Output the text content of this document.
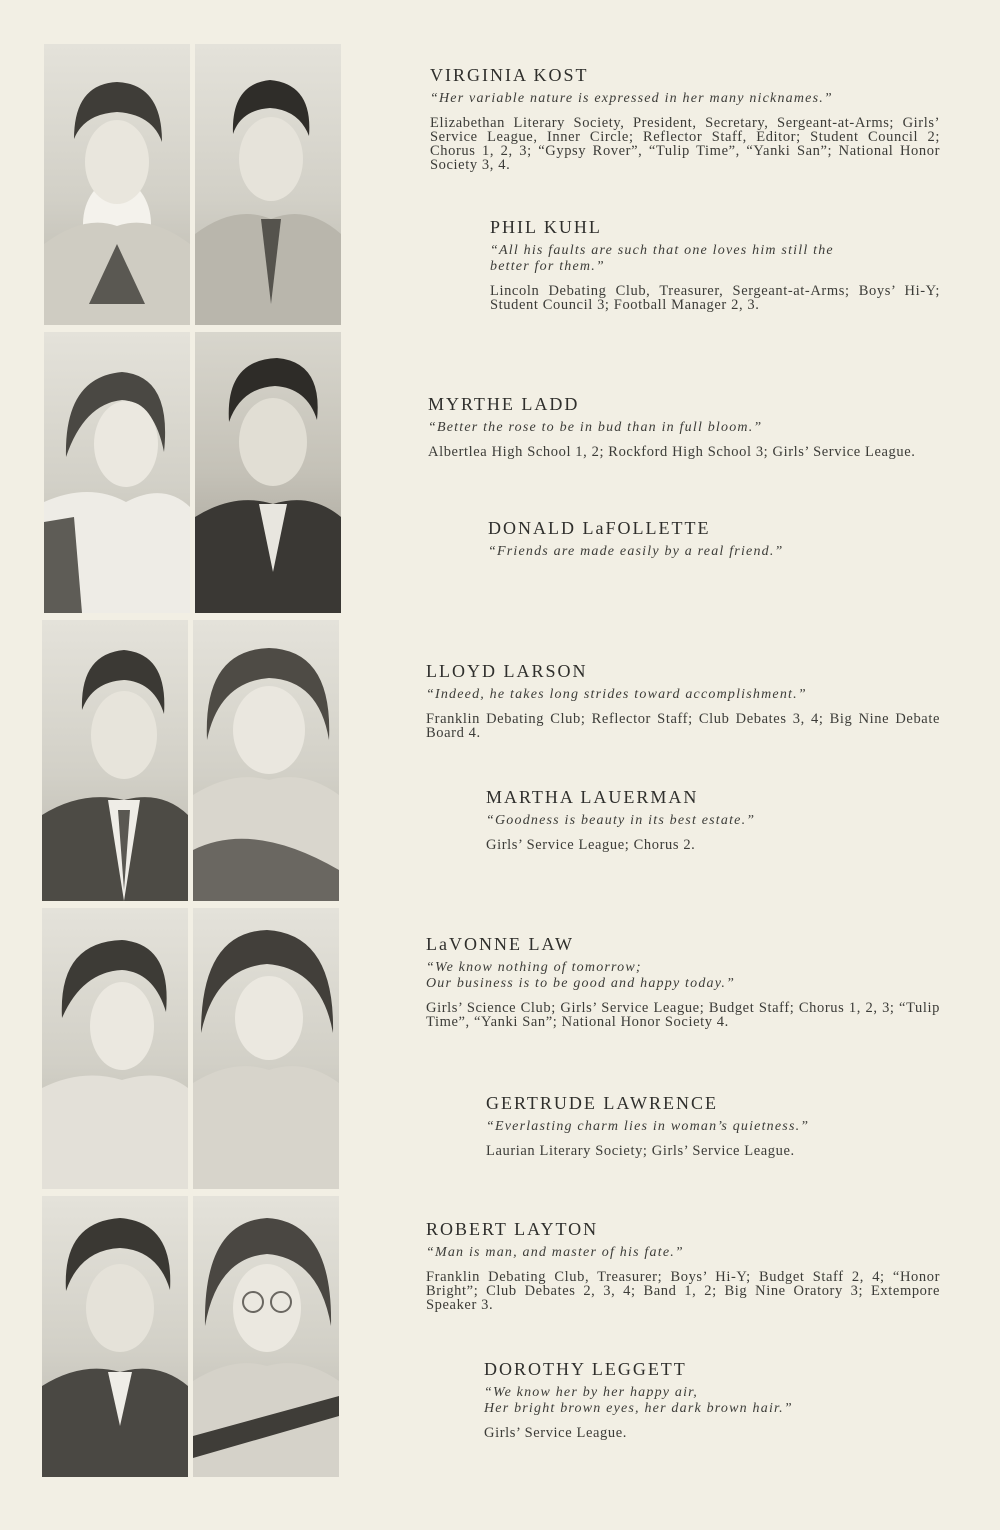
VIRGINIA KOST
“Her variable nature is expressed in her many nicknames.”
Elizabethan Literary Society, President, Secretary, Sergeant-at-Arms; Girls’ Service League, Inner Circle; Reflector Staff, Editor; Student Council 2; Chorus 1, 2, 3; “Gypsy Rover”, “Tulip Time”, “Yanki San”; National Honor Society 3, 4.
PHIL KUHL
“All his faults are such that one loves him still the
better for them.”
Lincoln Debating Club, Treasurer, Sergeant-at-Arms; Boys’ Hi-Y; Student Council 3; Football Manager 2, 3.
MYRTHE LADD
“Better the rose to be in bud than in full bloom.”
Albertlea High School 1, 2; Rockford High School 3; Girls’ Service League.
DONALD LaFOLLETTE
“Friends are made easily by a real friend.”
LLOYD LARSON
“Indeed, he takes long strides toward accomplishment.”
Franklin Debating Club; Reflector Staff; Club Debates 3, 4; Big Nine Debate Board 4.
MARTHA LAUERMAN
“Goodness is beauty in its best estate.”
Girls’ Service League; Chorus 2.
LaVONNE LAW
“We know nothing of tomorrow;
Our business is to be good and happy today.”
Girls’ Science Club; Girls’ Service League; Budget Staff; Chorus 1, 2, 3; “Tulip Time”, “Yanki San”; National Honor Society 4.
GERTRUDE LAWRENCE
“Everlasting charm lies in woman’s quietness.”
Laurian Literary Society; Girls’ Service League.
ROBERT LAYTON
“Man is man, and master of his fate.”
Franklin Debating Club, Treasurer; Boys’ Hi-Y; Budget Staff 2, 4; “Honor Bright”; Club Debates 2, 3, 4; Band 1, 2; Big Nine Oratory 3; Extempore Speaker 3.
DOROTHY LEGGETT
“We know her by her happy air,
Her bright brown eyes, her dark brown hair.”
Girls’ Service League.
